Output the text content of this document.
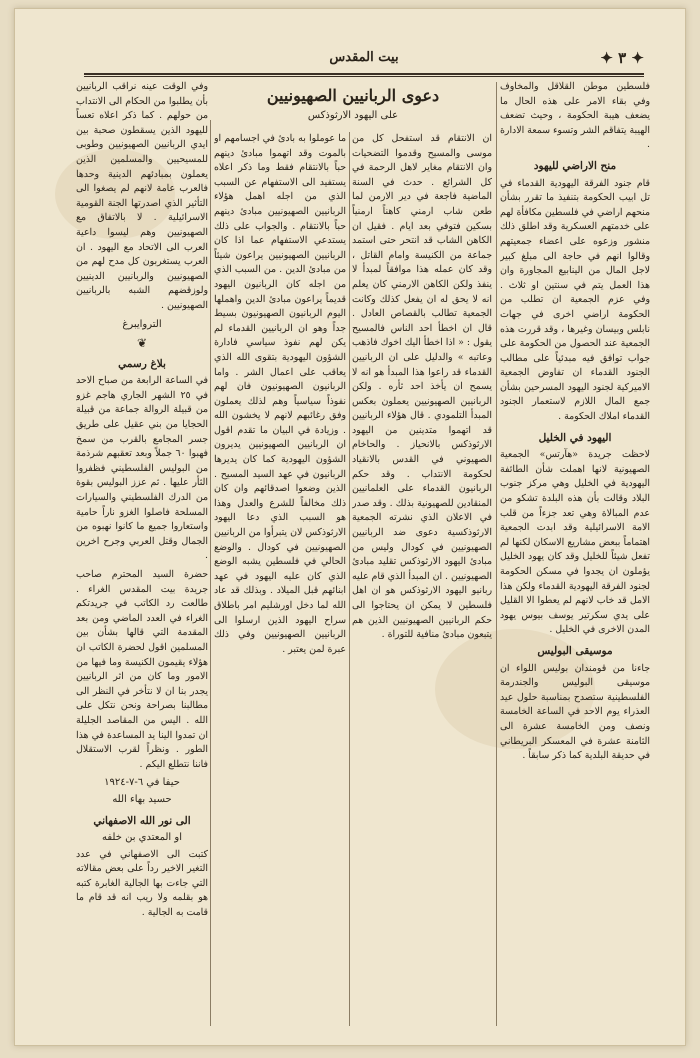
✦ ٣ ✦
بيت المقدس

فلسطين موطن القلاقل والمخاوف وفي بقاء الامر على هذه الحال ما يضعف هيبة الحكومة ، وحيث تضعف الهيبة يتفاقم الشر وتسوء سمعة الادارة .

منح الاراضي لليهود

قام جنود الفرقة اليهودية القدماء في تل ابيب الحكومة بتنفيذ ما تقرر بشأن منحهم اراضي في فلسطين مكافأة لهم على خدمتهم العسكرية وقد اطلق ذلك منشور وزعوه على اعضاء جمعيتهم وقالوا انهم في حاجة الى مبلغ كبير لاجل المال من الينابيع المجاورة وان هذا العمل يتم في سنتين او ثلاث . وفي عزم الجمعية ان تطلب من الحكومة اراضي اخرى في جهات نابلس وبيسان وغيرها ، وقد قررت هذه الجمعية عند الحصول من الحكومة على جواب توافق فيه مبدئياً على مطالب الجنود القدماء ان تفاوض الجمعية الاميركية لجنود اليهود المسرحين بشأن جمع المال اللازم لاستعمار الجنود القدماء املاك الحكومة .

اليهود في الخليل

لاحظت جريدة «هآرتس» الجمعية الصهيونية لانها اهملت شأن الطائفة اليهودية في الخليل وهي مركز جنوب البلاد وقالت بأن هذه البلدة تشكو من عدم المبالاة وهي تعد جزءاً من قلب الامة الاسرائيلية وقد ابدت الجمعية اهتماماً ببعض مشاريع الاسكان لكنها لم تفعل شيئاً للخليل وقد كان يهود الخليل يؤملون ان يجدوا في مسكن الحكومة لجنود الفرقة اليهودية القدماء ولكن هذا الامل قد خاب لانهم لم يعطوا الا القليل على يدي سكرتير يوسف بيوس يهود المدن الاخرى في الخليل .

موسيقى البوليس

جاءنا من قومندان بوليس اللواء ان موسيقى البوليس والجندرمة الفلسطينية ستصدح بمناسبة حلول عيد العذراء يوم الاحد في الساعة الخامسة ونصف ومن الخامسة عشرة الى الثامنة عشرة في المعسكر البريطاني في حديقة البلدية كما ذكر سابقاً .

دعوى الربانيين الصهيونيين
على اليهود الارثوذكس

ان الانتقام قد استفحل كل من موسى والمسيح وقدموا التضحيات وان الانتقام مغاير لاهل الرحمة في كل الشرائع . حدث في السنة الماضية فاجعة في دير الارمن لما طعن شاب ارمني كاهناً ارمنياً بسكين فتوفي بعد ايام . فقيل ان الكاهن الشاب قد انتحر حتى استمد جماعة من الكنيسة وامام القاتل ، وقد كان عمله هذا موافقاً لمبدأ لا ينفذ ولكن الكاهن الارمني كان يعلم انه لا يحق له ان يفعل كذلك وكانت الجمعية تطالب بالقصاص العادل . قال ان اخطأ احد الناس فالمسيح يقول : « اذا اخطأ اليك اخوك فاذهب وعاتبه » والدليل على ان الربانيين القدماء قد راعوا هذا المبدأ هو انه لا يسمح ان يأخذ احد ثأره . ولكن الربانيين الصهيونيين يعملون بعكس المبدأ التلمودي . قال هؤلاء الربانيين قد اتهموا متدينين من اليهود الارثوذكس بالانحياز . والحاخام الصهيوني في القدس بالانقياد لحكومة الانتداب . وقد حكم الربانيون القدماء على العلمانيين المنقادين للصهيونية بذلك . وقد صدر في الاعلان الذي نشرته الجمعية الارثوذكسية دعوى ضد الربانيين الصهيونيين في كودال وليس من مبادئ اليهود الارثوذكس تقليد مبادئ الصهيونيين . ان المبدأ الذي قام عليه ربانيو اليهود الارثوذكس هو ان اهل فلسطين لا يمكن ان يحتاجوا الى حكم الربانيين الصهيونيين الذين هم يتبعون مبادئ منافية للتوراة .

ما عوملوا به بادئ في اجسامهم او بالموت وقد اتهموا مبادئ دينهم حباً بالانتقام فقط وما ذكر اعلاه يستفيد الى الاستفهام عن السبب الذي من اجله اهمل هؤلاء الربانيين الصهيونيين مبادئ دينهم حباً بالانتقام . والجواب على ذلك يستدعي الاستفهام عما اذا كان الربانيين الصهيونيين يراعون شيئاً من مبادئ الدين . من السبب الذي من اجله كان الربانيون اليهود قديماً يراعون مبادئ الدين واهملها اليوم الربانيون الصهيونيون بسيط جداً وهو ان الربانيين القدماء لم يكن لهم نفوذ سياسي فادارة الشؤون اليهودية بتقوى الله الذي يعاقب على اعمال الشر . واما الربانيون الصهيونيون فان لهم نفوذاً سياسياً وهم لذلك يعملون وفق رغائبهم لانهم لا يخشون الله . وزيادة في البيان ما تقدم اقول ان الربانيين الصهيونيين يديرون الشؤون اليهودية كما كان يديرها الربانيون في عهد السيد المسيح . الذين وضعوا اصدقائهم وان كان ذلك مخالفاً للشرع والعدل وهذا هو السبب الذي دعا اليهود الارثوذكس لان يتبرأوا من الربانيين الصهيونيين في كودال . والوضع الحالي في فلسطين يشبه الوضع الذي كان عليه اليهود في عهد ابنائهم قبل الميلاد . وبذلك قد عاد الله لما دخل اورشليم امر باطلاق سراح اليهود الذين ارسلوا الى الربانيين الصهيونيين وفي ذلك عبرة لمن يعتبر .

وفي الوقت عينه نراقب الربانيين بأن يطلبوا من الحكام الى الانتداب من حولهم . كما ذكر اعلاه تعساً لليهود الذين يسقطون صحبة بين ايدي الربانيين الصهيونيين وطوبى للمسيحيين والمسلمين الذين يعملون بمبادئهم الدينية وحدها فالعرب عامة لانهم لم يصغوا الى التأثير الذي اصدرتها الجنة القومية الاسرائيلية . لا بالاتفاق مع الصهيونيين وهم ليسوا داعية العرب الى الاتحاد مع اليهود . ان العرب يستغربون كل مدح لهم من الصهيونيين والربانيين الدينيين ولوزقضهم الشبه بالربانيين الصهيونيين .

التروايبرغ
❦
بلاغ رسمي

في الساعة الرابعة من صباح الاحد في ٢٥ الشهر الجاري هاجم غزو من قبيلة الروالة جماعة من قبيلة الحجايا من بني عقيل على طريق جسر المجامع بالقرب من سمخ فهبوا ٦٠ جملاً وبعد تعقبهم شرذمة من البوليس الفلسطيني فظفروا الثأر عليها . ثم عزز البوليس بقوة من الدرك الفلسطيني والسيارات المسلحة فاصلوا الغزو ناراً حامية واستعاروا جميع ما كانوا نهبوه من الجمال وقتل العربي وجرح اخرين .

حضرة السيد المحترم صاحب جريدة بيت المقدس الغراء . طالعت رد الكاتب في جريدتكم الغراء في العدد الماضي ومن بعد المقدمة التي قالها بشأن بين المسلمين اقول لحضرة الكاتب ان هؤلاء يقيمون الكنيسة وما فيها من الامور وما كان من اثر الربانيين يجدر بنا ان لا نتأخر في النظر الى مطالبنا بصراحة ونحن نتكل على الله . اليس من المقاصد الجليلة ان تمدوا الينا يد المساعدة في هذا الطور . ونظراً لقرب الاستقلال فاننا نتطلع اليكم .

حيفا في ٦-٧-١٩٢٤
حسيد بهاء الله
الى نور الله الاصفهاني
او المعتدي بن خلفه

كتبت الى الاصفهاني في عدد التغير الاخير رداً على بعض مقالاته التي جاءت بها الجالية الغابرة كتبه هو بقلمه ولا ريب انه قد قام ما قامت به الجالية .
